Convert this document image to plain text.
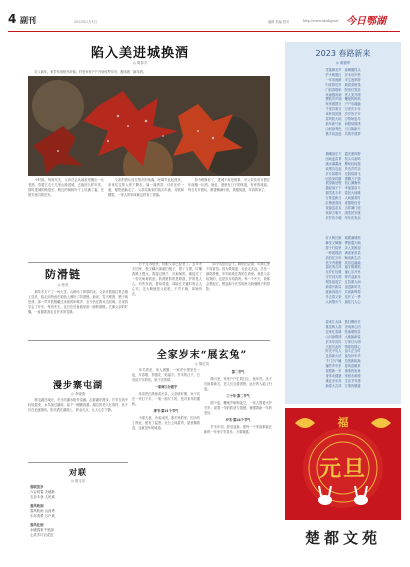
4 副刊	2025年2月1日	编辑 美编 校对	http://www.ntoday.net 今日鄂湖
陷入美进城换酒
◎ 胡春平
　　走入新年，家乡年俗格外浓郁，村里家家户户开始张罗年货，酿米酒、换年酒。
　　小时候，每到年关，父亲总会从地窖里搬出一坛老酒，背着它走十几里山路进城，去换回几样年货。那时进城的路很长，路边的枫树叶子上结满了霜，在晨光里闪着亮光。
　　父亲把酒坛放在集市的角落，吆喝声此起彼伏。来来往往的人停下脚步，闻一闻酒香，讨价还价一番，便把酒换走了。父亲用换来的钱买年画、对联和糖果，一家人的年味就这样有了着落。
　　如今路修好了，进城不再是难事，可父亲依旧习惯在年前酿一坛酒。他说，酒里有日子的味道，有家的味道。每当打开酒坛，醇香飘满小院，我便知道，年真的来了。
防滑链
◎ 张虎
　　那年冬天下了一场大雪，山路结了厚厚的冰。父亲开着拖拉机去镇上送货，临走前特意在轮胎上缠好了防滑链。他说，雪天路滑，链子就是命。那一声声铁链碾过冰面的咔嚓声，至今仍在我耳边回响。后来我学会了开车，每到冬天，也总在后备箱里备一副防滑链。它像父亲的叮嘱，一直跟着我走过许多风雪路。
　　日子过得很快，转眼父亲已经老了。去年冬天回家，他又翻出那副旧链子，擦了又擦，叮嘱我路上慢点。我接过链子，沉甸甸的，像接过了一份沉甸甸的爱。防滑链防的是路滑，护的是人心。有些东西，看似普通，却能在关键时刻让人心安。这大概就是父爱吧，不声不响，却始终在。
　　如今雪依旧会下，路依旧会滑，可我心里不再害怕。因为我知道，无论走多远，总有一副防滑链，牢牢地系在我的生命里。那是父亲给我的，也是岁月给我的。每一个冬天，我都会想起它，想起那个在雪地里为我缠链子的背影。
漫步寨屯湖
◎ 李晓燕
　　寨屯湖在城北，冬日的湖水格外清澈。沿着湖岸漫步，芦苇在风中轻轻摇曳，水鸟掠过湖面，留下一圈圈涟漪。湖边的老人在垂钓，孩子们在追逐嬉戏。阳光洒在湖面上，碎金点点，让人心生宁静。
对联
◎ 胡玉庆
春联贺岁
六合同春 天地新
五谷丰登 人民欢
春风吹雨
春风吹雨 山河秀
丰年美景 万户欢
春风化雨
水暖春来千里绿
心灵手巧百花红
全家岁末“展玄兔”
◎ 黎红英
　　年关将至，家人团聚，一家老小围坐在一起，写春联、剪窗花、贴福字。岁末的日子，总有说不完的话，叙不完的情。
一家两口分着字
　　母亲把红纸裁成长条，父亲研好墨，孩子们在一旁打下手。一笔一画写下的，是对来年的期盼。
季节·第21个节气
　　小寒大寒，冷成冰团。寒冬里的家，因为有了彼此，便有了温度。灶台上炖着肉，屋里飘着香，这就是年的味道。
第二节气
　　腊月里，家家户户忙着扫尘、备年货。孩子们盼着新衣，老人们念着团圆，远行的人踏上归途。
三十年·第二节气
　　除夕夜，鞭炮声响彻夜空，一家人围着火炉守岁，说着一年的收获与遗憾，憧憬着新一年的美好。
岁末·第24个节气
　　岁末年初，辞旧迎新。愿每一个家庭都能在新的一年里平安喜乐，万事顺遂。
2023 春路新来
◎ 黄德军
雪落静无声　寒梅傲枝头
炉火映窗红　岁末话乡愁
一年风雨路　半生逐梦游
归来辞旧岁　新春喜相逢
门前春联贴　院里灯笼挂
孩童嬉戏闹　老人笑开颜
锣鼓声声响　鞭炮阵阵鸣
家家团圆日　户户乐融融
千里共明月　万家庆丰年
举杯同祝愿　岁岁皆平安
春风吹大地　万物始复苏
新年新气象　前程似锦绣
山河添秀色　日月换新天
携手同奋进　共筑中国梦
晨曦染东方　霞光照四野
田间麦苗青　枝头鸟雀鸣
溪水潺潺流　柳丝轻轻摇
炊烟袅袅起　乡音声声亲
岁月如歌吟　光阴似箭飞
回首来时路　感慨万千情
展望新征程　信心满胸怀
撸起袖子干　幸福靠奋斗
瑞雪兆丰年　春回大地暖
万象更新日　人间最美时
红梅迎春放　喜鹊报佳音
祝福送亲友　吉祥满门庭
家和万事兴　国泰民安康
岁岁有今朝　年年庆有余
灯火映长街　欢歌满城郭
舞龙又舞狮　锣鼓震天响
游子归故里　亲人笑相迎
一杯团圆酒　满桌家常菜
话旧忆当年　畅谈新生活
老少齐欢聚　其乐也融融
窗花剪吉祥　福字倒着贴
压岁红包暖　童心乐开怀
守岁到天明　钟声迎新年
烟花绽夜空　五彩照人间
新春开新局　奋进新时代
砥砺再前行　共创新辉煌
冬去春又来　花开又一季
人间烟火气　最抚凡人心
春来江水绿　燕归柳丝长
桃花映人面　杏雨润心田
农家忙春耕　牧童唱短笛
山川添锦绣　大地换新装
岁末年初时　万家灯火明
天涯共此时　情系故园心
时光不负人　奋斗正当时
且将新火试　莫负好年华
千门万户瞳　总把新桃换
爆竹声中岁　春风送暖来
祝愿新一年　事事皆如意
身体永健康　家庭永和睦
事业步步高　生活节节甜
新春大吉祥　万事皆顺遂
福
元旦
楚都文苑
